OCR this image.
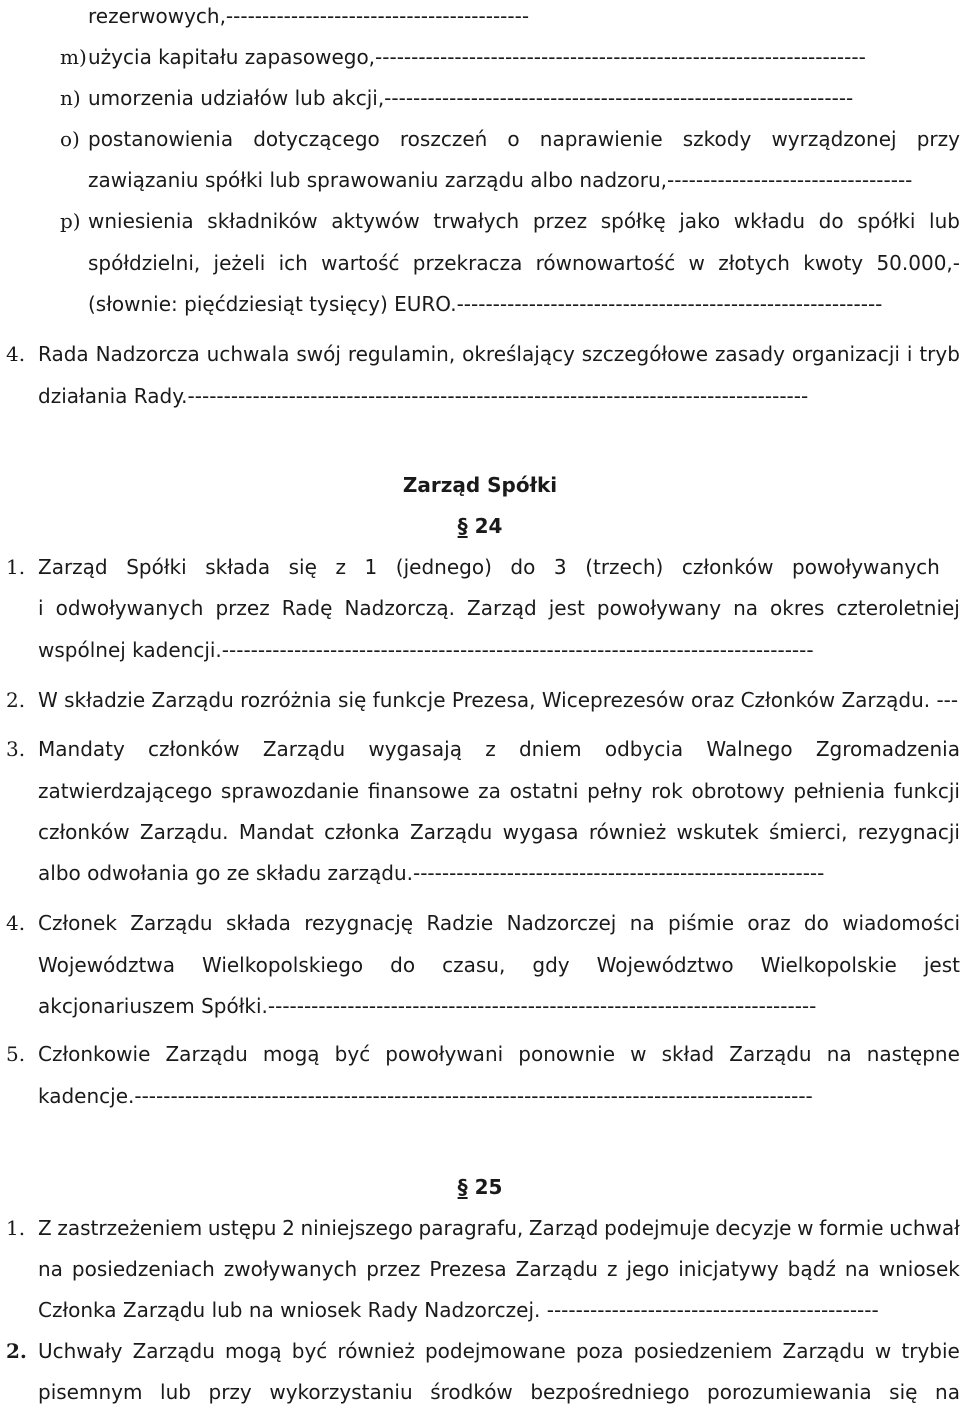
rezerwowych,------------------------------------------
m) użycia kapitału zapasowego,--------------------------------------------------------------------
n) umorzenia udziałów lub akcji,-----------------------------------------------------------------
o) postanowienia dotyczącego roszczeń o naprawienie szkody wyrządzonej przy
zawiązaniu spółki lub sprawowaniu zarządu albo nadzoru,----------------------------------
p) wniesienia składników aktywów trwałych przez spółkę jako wkładu do spółki lub
spółdzielni, jeżeli ich wartość przekracza równowartość w złotych kwoty 50.000,-
(słownie: pięćdziesiąt tysięcy) EURO.-----------------------------------------------------------
4. Rada Nadzorcza uchwala swój regulamin, określający szczegółowe zasady organizacji i tryb
działania Rady.--------------------------------------------------------------------------------------
Zarząd Spółki
§ 24
1. Zarząd Spółki składa się z 1 (jednego) do 3 (trzech) członków powoływanych
i odwoływanych przez Radę Nadzorczą. Zarząd jest powoływany na okres czteroletniej
wspólnej kadencji.----------------------------------------------------------------------------------
2. W składzie Zarządu rozróżnia się funkcje Prezesa, Wiceprezesów oraz Członków Zarządu. ---
3. Mandaty członków Zarządu wygasają z dniem odbycia Walnego Zgromadzenia
zatwierdzającego sprawozdanie finansowe za ostatni pełny rok obrotowy pełnienia funkcji
członków Zarządu. Mandat członka Zarządu wygasa również wskutek śmierci, rezygnacji
albo odwołania go ze składu zarządu.---------------------------------------------------------
4. Członek Zarządu składa rezygnację Radzie Nadzorczej na piśmie oraz do wiadomości
Województwa Wielkopolskiego do czasu, gdy Województwo Wielkopolskie jest
akcjonariuszem Spółki.----------------------------------------------------------------------------
5. Członkowie Zarządu mogą być powoływani ponownie w skład Zarządu na następne
kadencje.----------------------------------------------------------------------------------------------
§ 25
1. Z zastrzeżeniem ustępu 2 niniejszego paragrafu, Zarząd podejmuje decyzje w formie uchwał
na posiedzeniach zwoływanych przez Prezesa Zarządu z jego inicjatywy bądź na wniosek
Członka Zarządu lub na wniosek Rady Nadzorczej. ----------------------------------------------
2. Uchwały Zarządu mogą być również podejmowane poza posiedzeniem Zarządu w trybie
pisemnym lub przy wykorzystaniu środków bezpośredniego porozumiewania się na
